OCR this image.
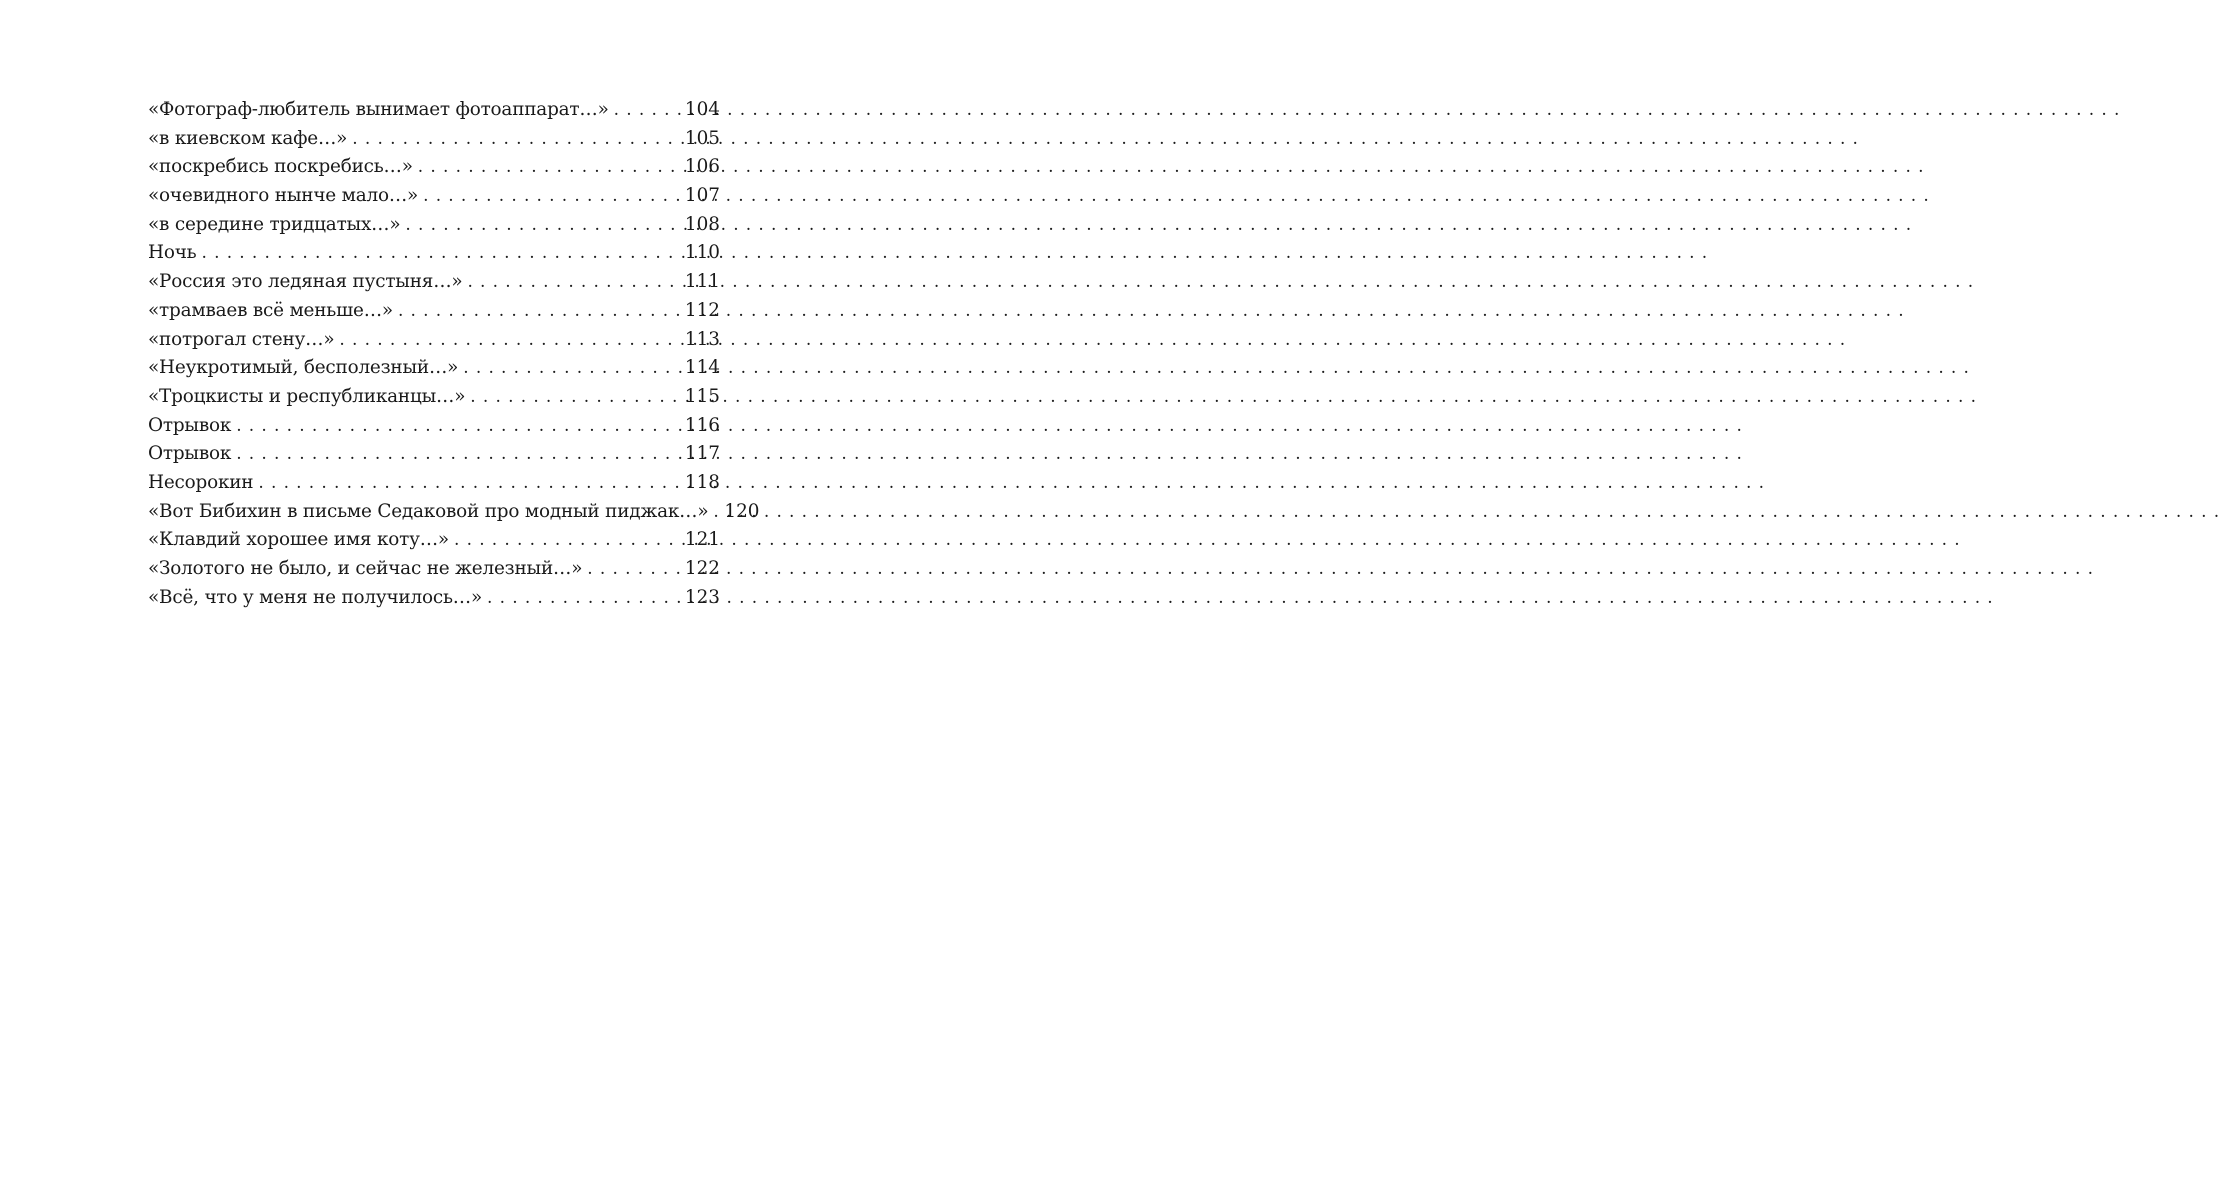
«Фотограф-любитель вынимает фотоаппарат…» . . .	104
«в киевском кафе…» . . .	105
«поскребись поскребись…» . . .	106
«очевидного нынче мало…» . . .	107
«в середине тридцатых…» . . .	108
Ночь . . .	110
«Россия это ледяная пустыня…» . . .	111
«трамваев всё меньше…» . . .	112
«потрогал стену…» . . .	113
«Неукротимый, бесполезный…» . . .	114
«Троцкисты и республиканцы…» . . .	115
Отрывок . . .	116
Отрывок . . .	117
Несорокин . . .	118
«Вот Бибихин в письме Седаковой про модный пиджак…» . . . 120
«Клавдий хорошее имя коту…» . . .	121
«Золотого не было, и сейчас не железный…» . . .	122
«Всё, что у меня не получилось…» . . .	123
